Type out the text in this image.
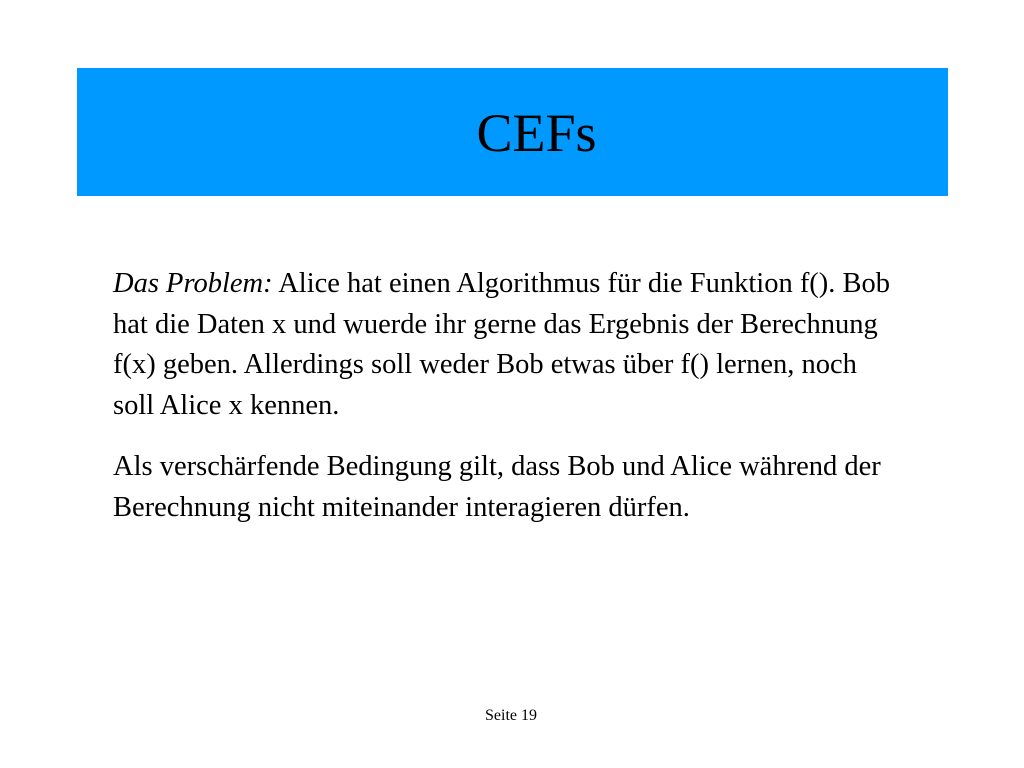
CEFs

Das Problem: Alice hat einen Algorithmus für die Funktion f(). Bob hat die Daten x und wuerde ihr gerne das Ergebnis der Berechnung f(x) geben. Allerdings soll weder Bob etwas über f() lernen, noch soll Alice x kennen.

Als verschärfende Bedingung gilt, dass Bob und Alice während der Berechnung nicht miteinander interagieren dürfen.

Seite 19
